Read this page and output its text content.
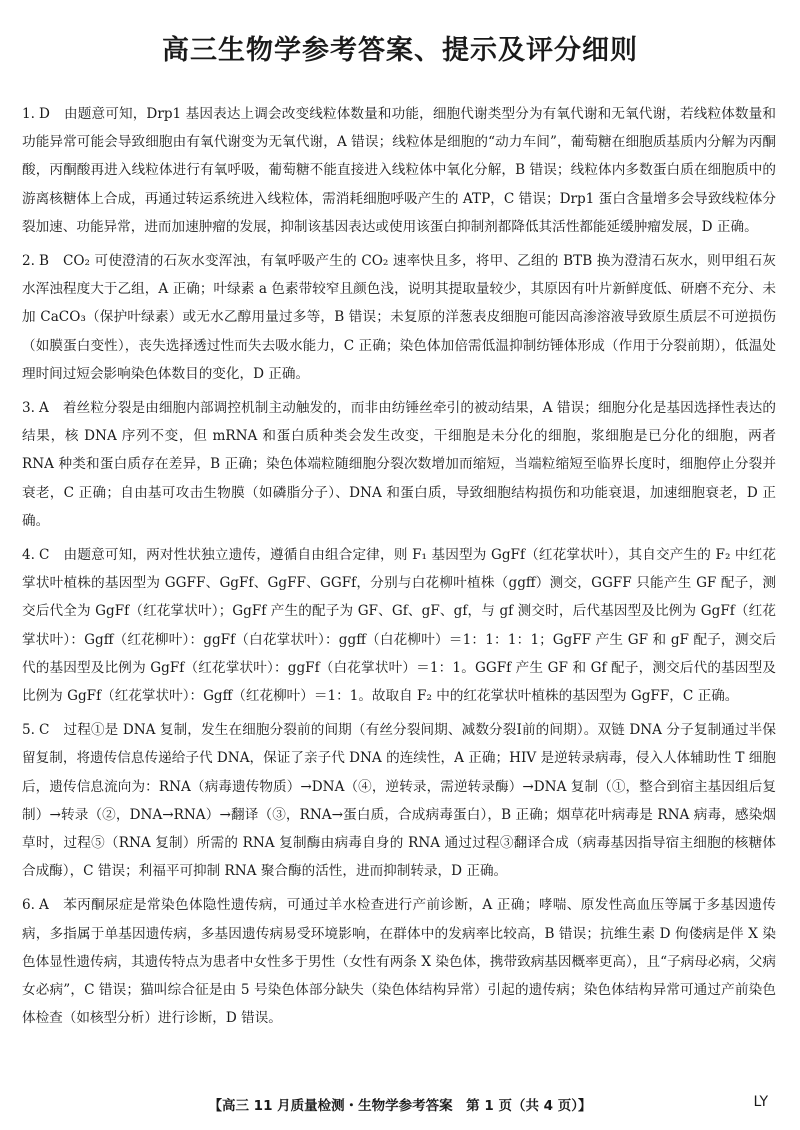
高三生物学参考答案、提示及评分细则

1. D 由题意可知，Drp1 基因表达上调会改变线粒体数量和功能，细胞代谢类型分为有氧代谢和无氧代谢，若线粒体数量和功能异常可能会导致细胞由有氧代谢变为无氧代谢，A 错误；线粒体是细胞的“动力车间”，葡萄糖在细胞质基质内分解为丙酮酸，丙酮酸再进入线粒体进行有氧呼吸，葡萄糖不能直接进入线粒体中氧化分解，B 错误；线粒体内多数蛋白质在细胞质中的游离核糖体上合成，再通过转运系统进入线粒体，需消耗细胞呼吸产生的 ATP，C 错误；Drp1 蛋白含量增多会导致线粒体分裂加速、功能异常，进而加速肿瘤的发展，抑制该基因表达或使用该蛋白抑制剂都降低其活性都能延缓肿瘤发展，D 正确。

2. B CO₂ 可使澄清的石灰水变浑浊，有氧呼吸产生的 CO₂ 速率快且多，将甲、乙组的 BTB 换为澄清石灰水，则甲组石灰水浑浊程度大于乙组，A 正确；叶绿素 a 色素带较窄且颜色浅，说明其提取量较少，其原因有叶片新鲜度低、研磨不充分、未加 CaCO₃（保护叶绿素）或无水乙醇用量过多等，B 错误；未复原的洋葱表皮细胞可能因高渗溶液导致原生质层不可逆损伤（如膜蛋白变性），丧失选择透过性而失去吸水能力，C 正确；染色体加倍需低温抑制纺锤体形成（作用于分裂前期），低温处理时间过短会影响染色体数目的变化，D 正确。

3. A 着丝粒分裂是由细胞内部调控机制主动触发的，而非由纺锤丝牵引的被动结果，A 错误；细胞分化是基因选择性表达的结果，核 DNA 序列不变，但 mRNA 和蛋白质种类会发生改变，干细胞是未分化的细胞，浆细胞是已分化的细胞，两者 RNA 种类和蛋白质存在差异，B 正确；染色体端粒随细胞分裂次数增加而缩短，当端粒缩短至临界长度时，细胞停止分裂并衰老，C 正确；自由基可攻击生物膜（如磷脂分子）、DNA 和蛋白质，导致细胞结构损伤和功能衰退，加速细胞衰老，D 正确。

4. C 由题意可知，两对性状独立遗传，遵循自由组合定律，则 F₁ 基因型为 GgFf（红花掌状叶），其自交产生的 F₂ 中红花掌状叶植株的基因型为 GGFF、GgFf、GgFF、GGFf，分别与白花柳叶植株（ggff）测交，GGFF 只能产生 GF 配子，测交后代全为 GgFf（红花掌状叶）；GgFf 产生的配子为 GF、Gf、gF、gf，与 gf 测交时，后代基因型及比例为 GgFf（红花掌状叶）：Ggff（红花柳叶）：ggFf（白花掌状叶）：ggff（白花柳叶）＝1：1：1：1；GgFF 产生 GF 和 gF 配子，测交后代的基因型及比例为 GgFf（红花掌状叶）：ggFf（白花掌状叶）＝1：1。GGFf 产生 GF 和 Gf 配子，测交后代的基因型及比例为 GgFf（红花掌状叶）：Ggff（红花柳叶）＝1：1。故取自 F₂ 中的红花掌状叶植株的基因型为 GgFF，C 正确。

5. C 过程①是 DNA 复制，发生在细胞分裂前的间期（有丝分裂间期、减数分裂Ⅰ前的间期）。双链 DNA 分子复制通过半保留复制，将遗传信息传递给子代 DNA，保证了亲子代 DNA 的连续性，A 正确；HIV 是逆转录病毒，侵入人体辅助性 T 细胞后，遗传信息流向为：RNA（病毒遗传物质）→DNA（④，逆转录，需逆转录酶）→DNA 复制（①，整合到宿主基因组后复制）→转录（②，DNA→RNA）→翻译（③，RNA→蛋白质，合成病毒蛋白），B 正确；烟草花叶病毒是 RNA 病毒，感染烟草时，过程⑤（RNA 复制）所需的 RNA 复制酶由病毒自身的 RNA 通过过程③翻译合成（病毒基因指导宿主细胞的核糖体合成酶），C 错误；利福平可抑制 RNA 聚合酶的活性，进而抑制转录，D 正确。

6. A 苯丙酮尿症是常染色体隐性遗传病，可通过羊水检查进行产前诊断，A 正确；哮喘、原发性高血压等属于多基因遗传病，多指属于单基因遗传病，多基因遗传病易受环境影响，在群体中的发病率比较高，B 错误；抗维生素 D 佝偻病是伴 X 染色体显性遗传病，其遗传特点为患者中女性多于男性（女性有两条 X 染色体，携带致病基因概率更高），且“子病母必病，父病女必病”，C 错误；猫叫综合征是由 5 号染色体部分缺失（染色体结构异常）引起的遗传病；染色体结构异常可通过产前染色体检查（如核型分析）进行诊断，D 错误。

【高三 11 月质量检测・生物学参考答案　第 1 页（共 4 页）】	LY
